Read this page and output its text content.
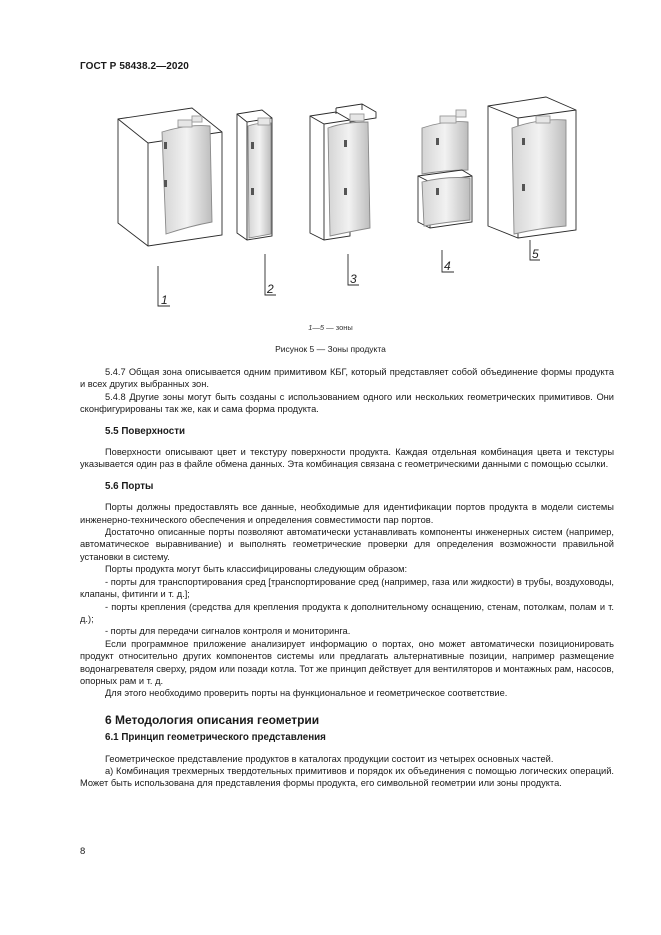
ГОСТ Р 58438.2—2020
1
2
3
4
5
1—5 — зоны
Рисунок 5 — Зоны продукта

5.4.7 Общая зона описывается одним примитивом КБГ, который представляет собой объединение формы продукта и всех других выбранных зон.

5.4.8 Другие зоны могут быть созданы с использованием одного или нескольких геометрических примитивов. Они сконфигурированы так же, как и сама форма продукта.

5.5 Поверхности

Поверхности описывают цвет и текстуру поверхности продукта. Каждая отдельная комбинация цвета и текстуры указывается один раз в файле обмена данных. Эта комбинация связана с геометрическими данными с помощью ссылки.

5.6 Порты

Порты должны предоставлять все данные, необходимые для идентификации портов продукта в модели системы инженерно-технического обеспечения и определения совместимости пар портов.

Достаточно описанные порты позволяют автоматически устанавливать компоненты инженерных систем (например, автоматическое выравнивание) и выполнять геометрические проверки для определения возможности правильной установки в систему.

Порты продукта могут быть классифицированы следующим образом:

- порты для транспортирования сред [транспортирование сред (например, газа или жидкости) в трубы, воздуховоды, клапаны, фитинги и т. д.];

- порты крепления (средства для крепления продукта к дополнительному оснащению, стенам, потолкам, полам и т. д.);

- порты для передачи сигналов контроля и мониторинга.

Если программное приложение анализирует информацию о портах, оно может автоматически позиционировать продукт относительно других компонентов системы или предлагать альтернативные позиции, например размещение водонагревателя сверху, рядом или позади котла. Тот же принцип действует для вентиляторов и монтажных рам, насосов, опорных рам и т. д.

Для этого необходимо проверить порты на функциональное и геометрическое соответствие.

6 Методология описания геометрии
6.1 Принцип геометрического представления

Геометрическое представление продуктов в каталогах продукции состоит из четырех основных частей.

а) Комбинация трехмерных твердотельных примитивов и порядок их объединения с помощью логических операций. Может быть использована для представления формы продукта, его символьной геометрии или зоны продукта.

8
